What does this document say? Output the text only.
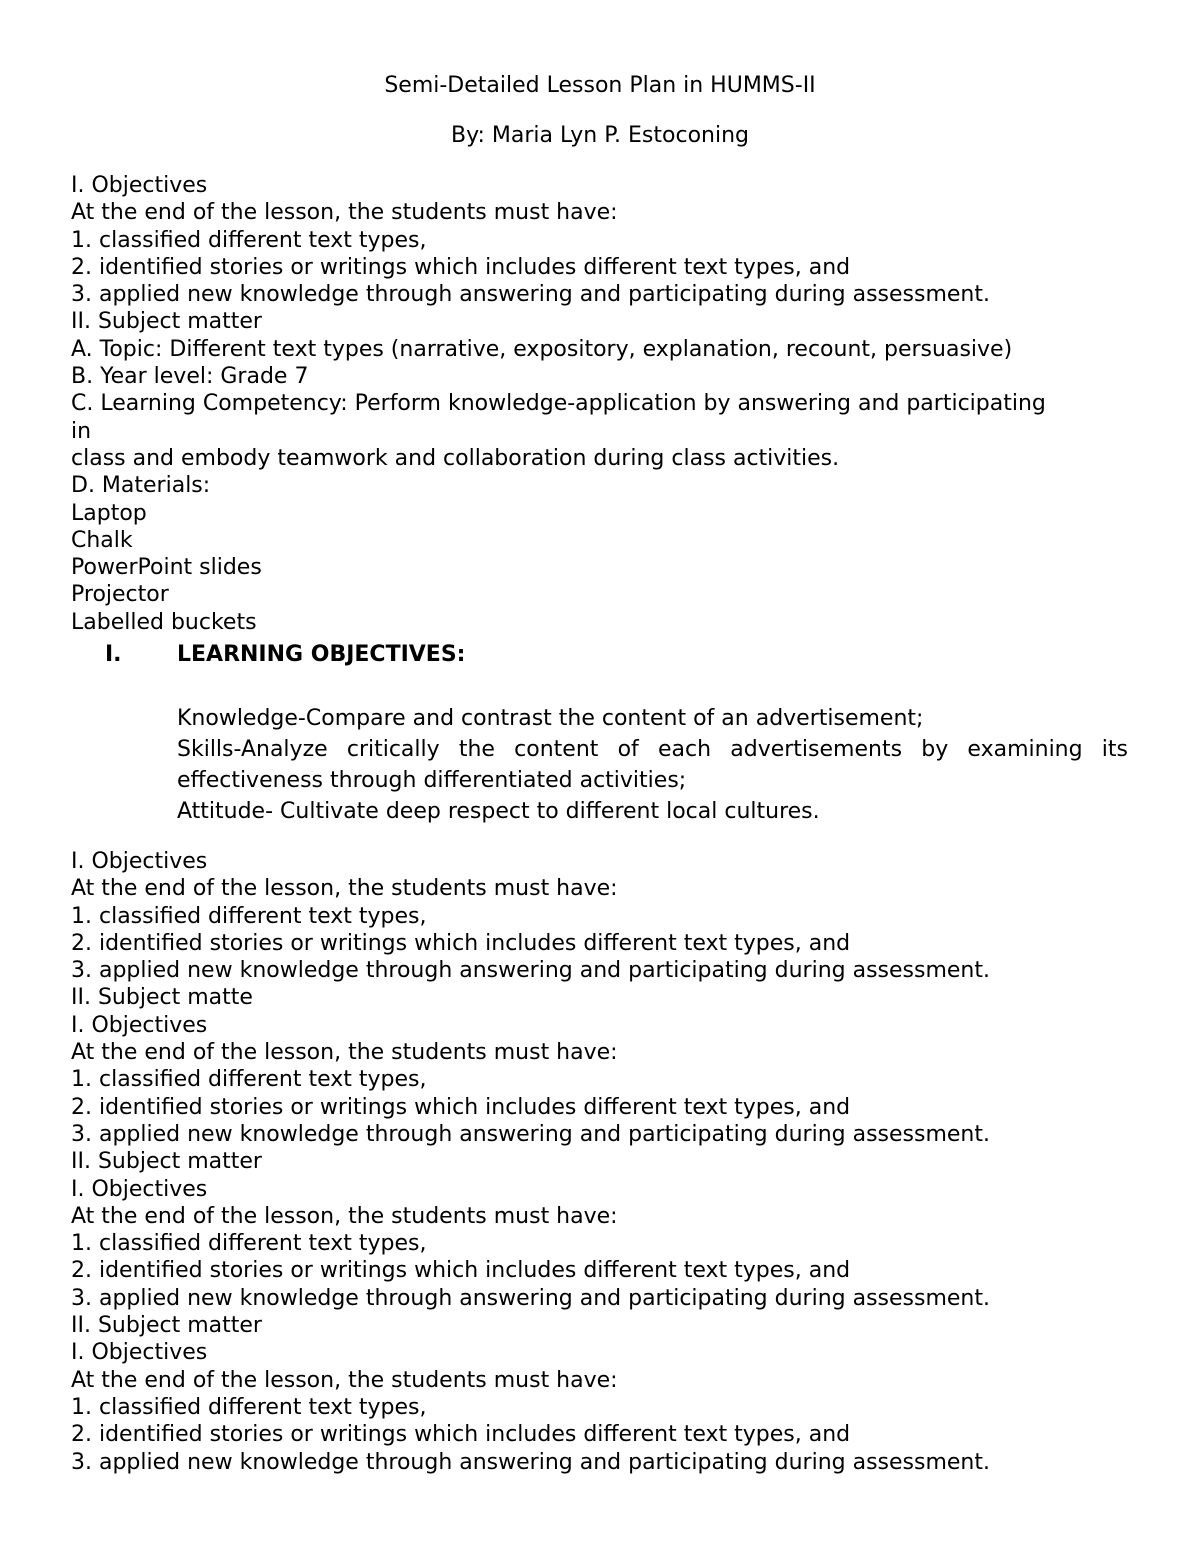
Semi-Detailed Lesson Plan in HUMMS-II
By: Maria Lyn P. Estoconing
I. Objectives
At the end of the lesson, the students must have:
1. classified different text types,
2. identified stories or writings which includes different text types, and
3. applied new knowledge through answering and participating during assessment.
II. Subject matter
A. Topic: Different text types (narrative, expository, explanation, recount, persuasive)
B. Year level: Grade 7
C. Learning Competency: Perform knowledge-application by answering and participating
in
class and embody teamwork and collaboration during class activities.
D. Materials:
Laptop
Chalk
PowerPoint slides
Projector
Labelled buckets
I.	LEARNING OBJECTIVES:
Knowledge-Compare and contrast the content of an advertisement;
Skills-Analyze critically the content of each advertisements by examining its effectiveness through differentiated activities;
Attitude- Cultivate deep respect to different local cultures.
I. Objectives
At the end of the lesson, the students must have:
1. classified different text types,
2. identified stories or writings which includes different text types, and
3. applied new knowledge through answering and participating during assessment.
II. Subject matte
I. Objectives
At the end of the lesson, the students must have:
1. classified different text types,
2. identified stories or writings which includes different text types, and
3. applied new knowledge through answering and participating during assessment.
II. Subject matter
I. Objectives
At the end of the lesson, the students must have:
1. classified different text types,
2. identified stories or writings which includes different text types, and
3. applied new knowledge through answering and participating during assessment.
II. Subject matter
I. Objectives
At the end of the lesson, the students must have:
1. classified different text types,
2. identified stories or writings which includes different text types, and
3. applied new knowledge through answering and participating during assessment.
